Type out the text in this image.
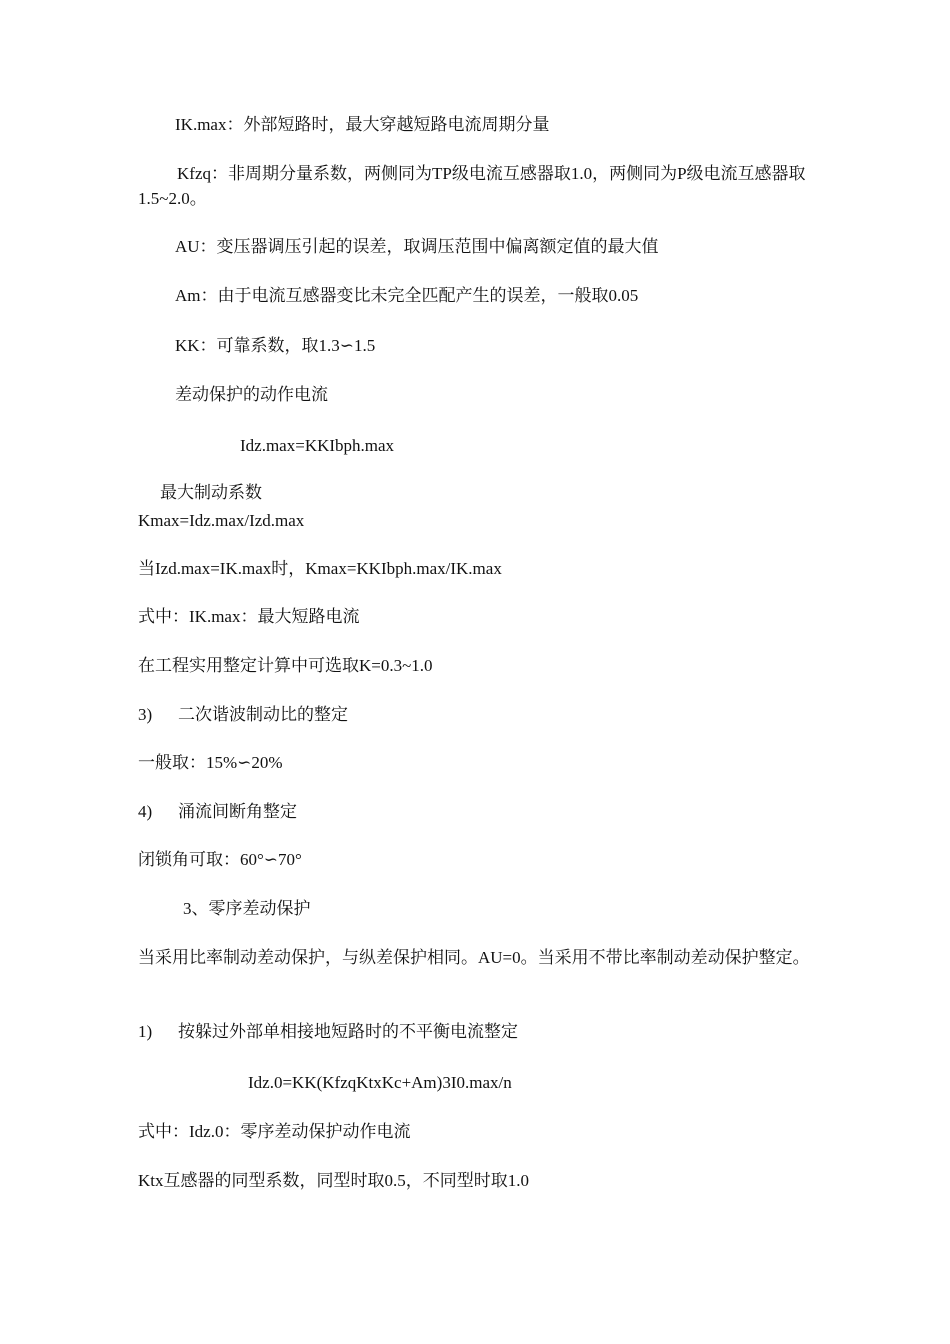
IK.max：外部短路时，最大穿越短路电流周期分量

Kfzq：非周期分量系数，两侧同为TP级电流互感器取1.0，两侧同为P级电流互感器取1.5~2.0。

AU：变压器调压引起的误差，取调压范围中偏离额定值的最大值

Am：由于电流互感器变比未完全匹配产生的误差，一般取0.05

KK：可靠系数，取1.3∽1.5

差动保护的动作电流

Idz.max=KKIbph.max

最大制动系数

Kmax=Idz.max/Izd.max

当Izd.max=IK.max时，Kmax=KKIbph.max/IK.max

式中：IK.max：最大短路电流

在工程实用整定计算中可选取K=0.3~1.0

3) 二次谐波制动比的整定

一般取：15%∽20%

4) 涌流间断角整定

闭锁角可取：60°∽70°

3、零序差动保护

当采用比率制动差动保护，与纵差保护相同。AU=0。当采用不带比率制动差动保护整定。

1) 按躲过外部单相接地短路时的不平衡电流整定

Idz.0=KK(KfzqKtxKc+Am)3I0.max/n

式中：Idz.0：零序差动保护动作电流

Ktx互感器的同型系数，同型时取0.5，不同型时取1.0
